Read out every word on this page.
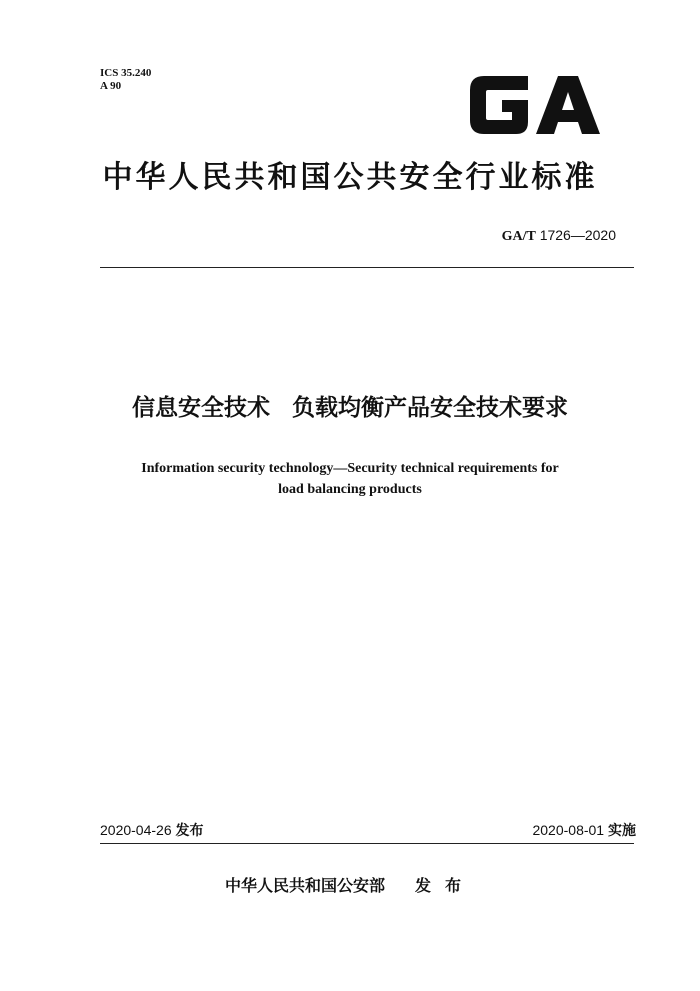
ICS 35.240
A 90
中华人民共和国公共安全行业标准
GA/T 1726—2020
信息安全技术 负载均衡产品安全技术要求
Information security technology—Security technical requirements for
load balancing products
2020-04-26 发布	2020-08-01 实施
中华人民共和国公安部 发布
